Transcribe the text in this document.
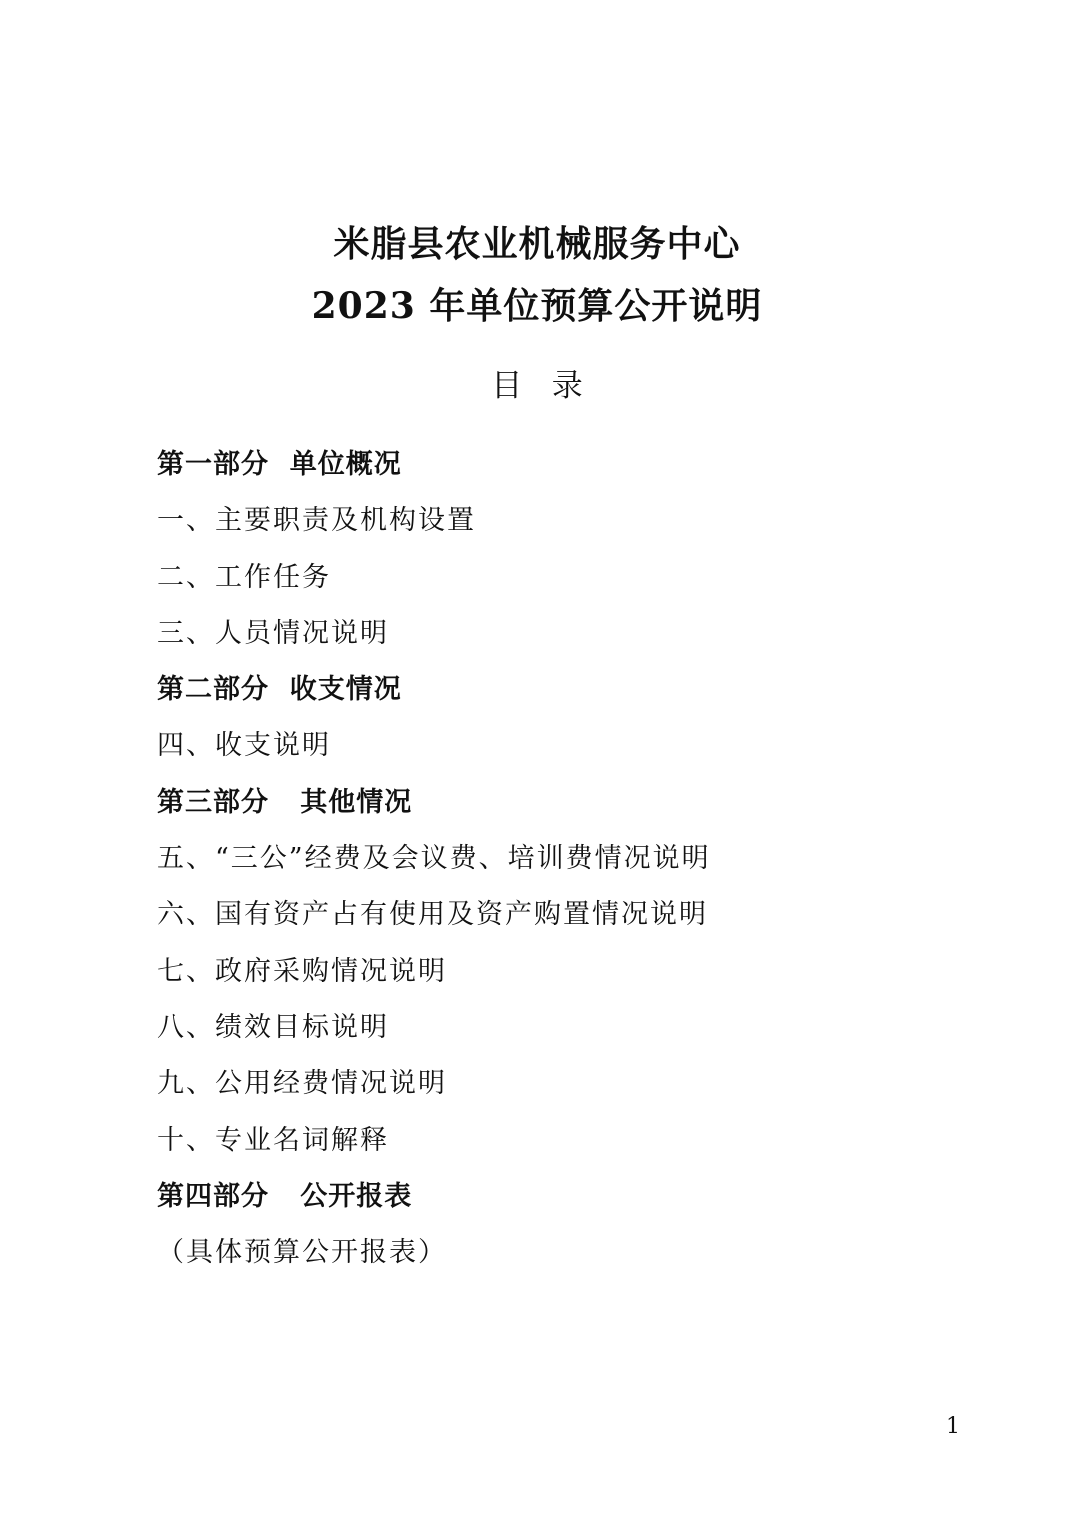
米脂县农业机械服务中心
2023 年单位预算公开说明
目   录
第一部分  单位概况
一、主要职责及机构设置
二、工作任务
三、人员情况说明
第二部分  收支情况
四、收支说明
第三部分   其他情况
五、“三公”经费及会议费、培训费情况说明
六、国有资产占有使用及资产购置情况说明
七、政府采购情况说明
八、绩效目标说明
九、公用经费情况说明
十、专业名词解释
第四部分   公开报表
（具体预算公开报表）
1
